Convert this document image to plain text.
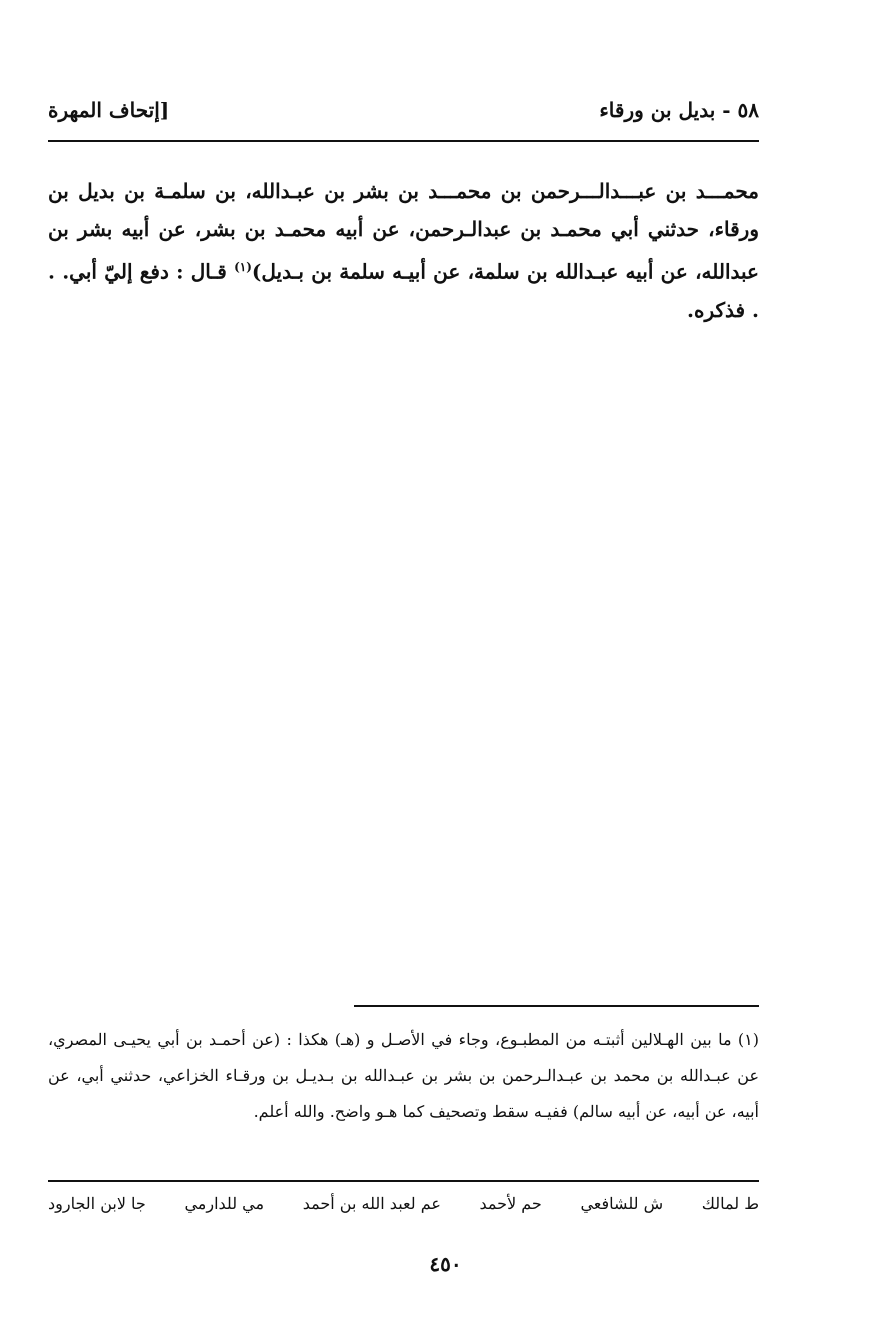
٥٨ - بديل بن ورقاء
[إتحاف المهرة

محمـــد بن عبـــدالـــرحمن بن محمـــد بن بشر بن عبـدالله، بن سلمـة بن بديل بن ورقاء، حدثني أبي محمـد بن عبدالـرحمن، عن أبيه محمـد بن بشر، عن أبيه بشر بن عبدالله، عن أبيه عبـدالله بن سلمة، عن أبيـه سلمة بن بـديل)$^{(١)}$ قـال : دفع إليّ أبي. . . فذكره.

(١) ما بين الهـلالين أثبتـه من المطبـوع، وجاء في الأصـل و (هـ) هكذا : (عن أحمـد بن أبي يحيـى المصري، عن عبـدالله بن محمد بن عبـدالـرحمن بن بشر بن عبـدالله بن بـديـل بن ورقـاء الخزاعي، حدثني أبي، عن أبيه، عن أبيه، عن أبيه سالم) ففيـه سقط وتصحيف كما هـو واضح. والله أعلم.

ط لمالك
ش للشافعي
حم لأحمد
عم لعبد الله بن أحمد
مي للدارمي
جا لابن الجارود
٤٥٠
